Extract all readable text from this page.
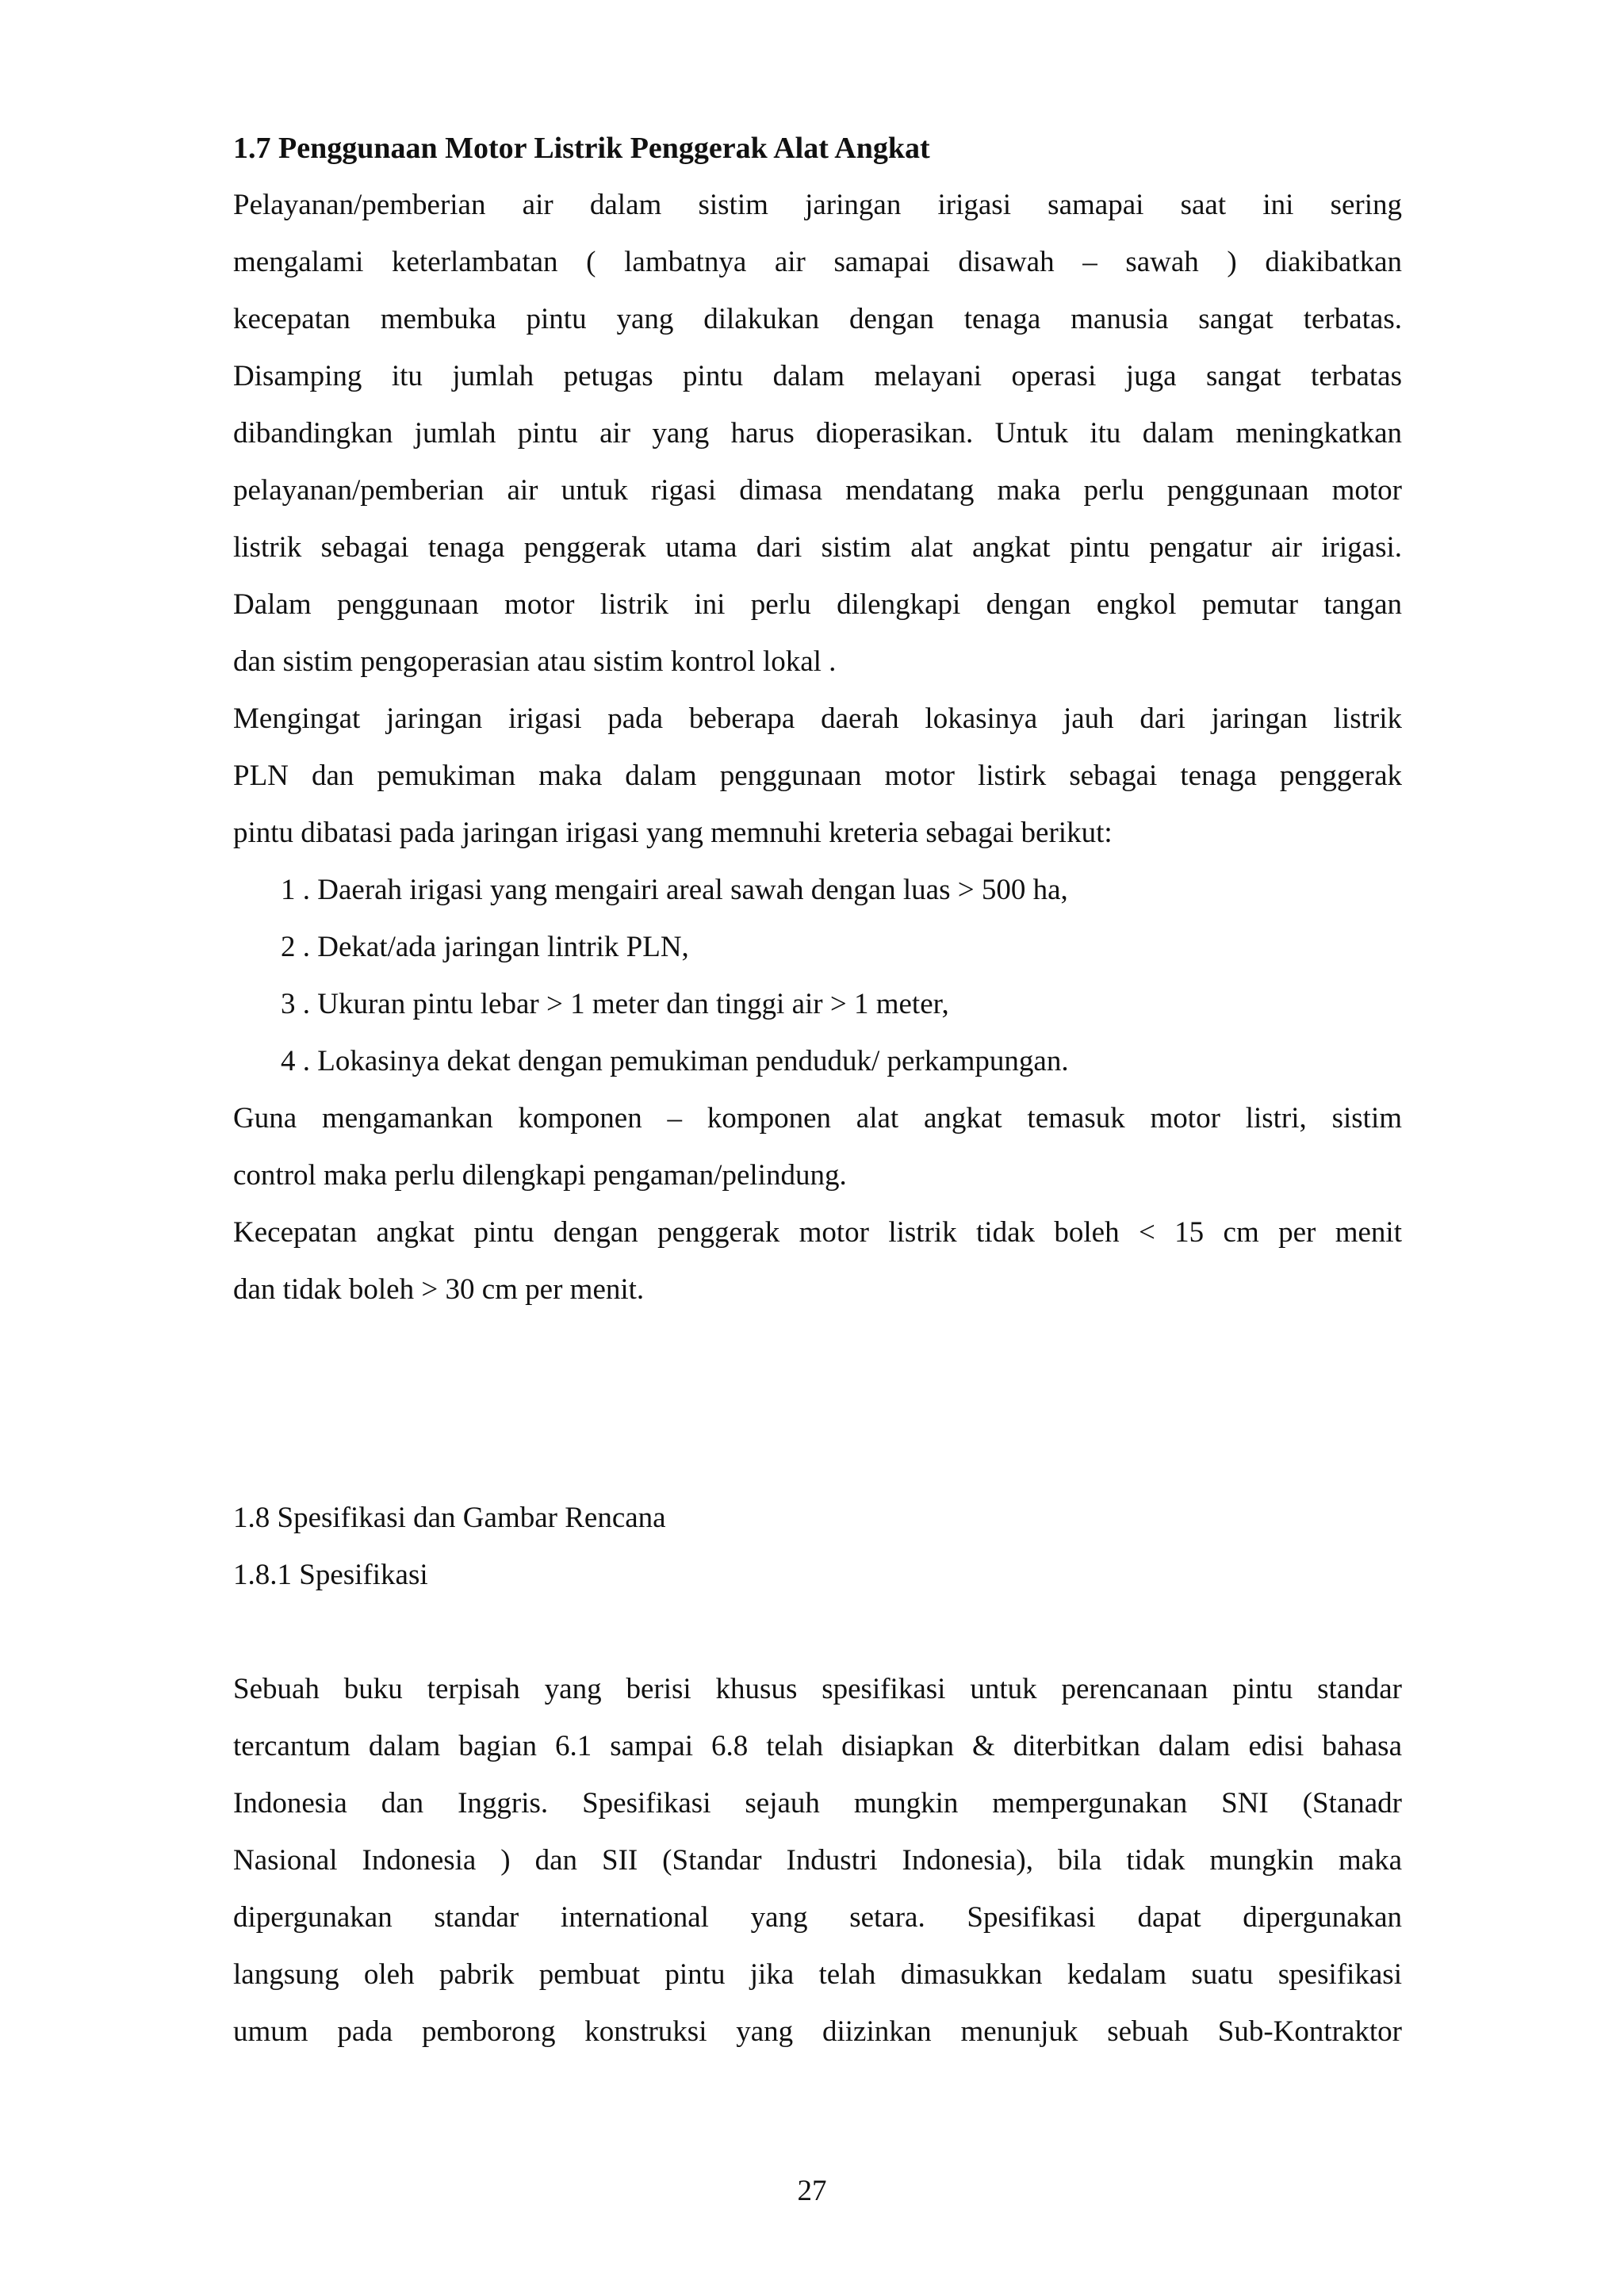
1.7 Penggunaan Motor Listrik Penggerak Alat Angkat
Pelayanan/pemberian air dalam sistim jaringan irigasi samapai saat ini sering
mengalami keterlambatan ( lambatnya air samapai disawah – sawah ) diakibatkan
kecepatan membuka pintu yang dilakukan dengan tenaga manusia sangat terbatas.
Disamping itu jumlah petugas pintu dalam melayani operasi juga sangat terbatas
dibandingkan jumlah pintu air yang harus dioperasikan. Untuk itu dalam meningkatkan
pelayanan/pemberian air untuk rigasi dimasa mendatang maka perlu penggunaan motor
listrik sebagai tenaga penggerak utama dari sistim alat angkat pintu pengatur air irigasi.
Dalam penggunaan motor listrik ini perlu dilengkapi dengan engkol pemutar tangan
dan sistim pengoperasian atau sistim kontrol lokal .
Mengingat jaringan irigasi pada beberapa daerah lokasinya jauh dari jaringan listrik
PLN dan pemukiman maka dalam penggunaan motor listirk sebagai tenaga penggerak
pintu dibatasi pada jaringan irigasi yang memnuhi kreteria sebagai berikut:
1 . Daerah irigasi yang mengairi areal sawah dengan luas > 500 ha,
2 . Dekat/ada jaringan lintrik PLN,
3 . Ukuran pintu lebar > 1 meter dan tinggi air > 1 meter,
4 . Lokasinya dekat dengan pemukiman penduduk/ perkampungan.
Guna mengamankan komponen – komponen alat angkat temasuk motor listri, sistim
control maka perlu dilengkapi pengaman/pelindung.
Kecepatan angkat pintu dengan penggerak motor listrik tidak boleh < 15 cm per menit
dan tidak boleh > 30 cm per menit.
1.8 Spesifikasi dan Gambar Rencana
1.8.1 Spesifikasi
Sebuah buku terpisah yang berisi khusus spesifikasi untuk perencanaan pintu standar
tercantum dalam bagian 6.1 sampai 6.8 telah disiapkan & diterbitkan dalam edisi bahasa
Indonesia dan Inggris. Spesifikasi sejauh mungkin mempergunakan SNI (Stanadr
Nasional Indonesia ) dan SII (Standar Industri Indonesia), bila tidak mungkin maka
dipergunakan standar international yang setara. Spesifikasi dapat dipergunakan
langsung oleh pabrik pembuat pintu jika telah dimasukkan kedalam suatu spesifikasi
umum pada pemborong konstruksi yang diizinkan menunjuk sebuah Sub-Kontraktor
27
